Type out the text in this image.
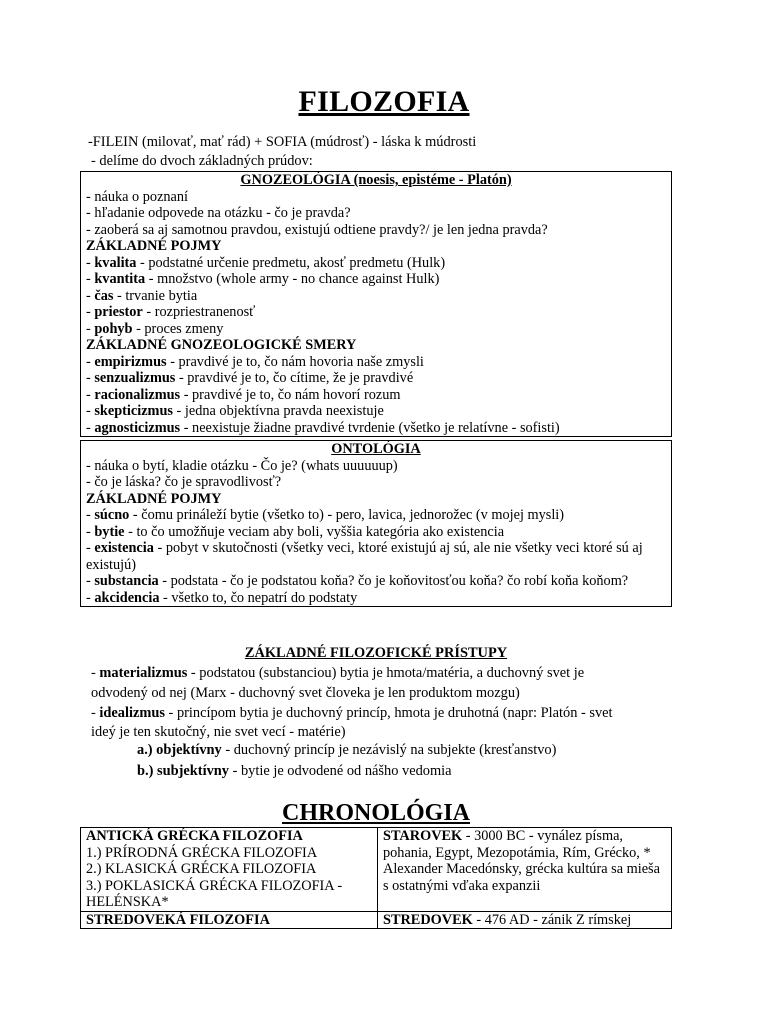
FILOZOFIA
-FILEIN (milovať, mať rád) + SOFIA (múdrosť) - láska k múdrosti
- delíme do dvoch základných prúdov:
GNOZEOLÓGIA (noesis, epistéme - Platón)
- náuka o poznaní
- hľadanie odpovede na otázku - čo je pravda?
- zaoberá sa aj samotnou pravdou, existujú odtiene pravdy?/ je len jedna pravda?
ZÁKLADNÉ POJMY
- kvalita - podstatné určenie predmetu, akosť predmetu (Hulk)
- kvantita - množstvo (whole army - no chance against Hulk)
- čas - trvanie bytia
- priestor - rozpriestranenosť
- pohyb - proces zmeny
ZÁKLADNÉ GNOZEOLOGICKÉ SMERY
- empirizmus - pravdivé je to, čo nám hovoria naše zmysli
- senzualizmus - pravdivé je to, čo cítime, že je pravdivé
- racionalizmus - pravdivé je to, čo nám hovorí rozum
- skepticizmus - jedna objektívna pravda neexistuje
- agnosticizmus - neexistuje žiadne pravdivé tvrdenie (všetko je relatívne - sofisti)
ONTOLÓGIA
- náuka o bytí, kladie otázku - Čo je? (whats uuuuuup)
- čo je láska? čo je spravodlivosť?
ZÁKLADNÉ POJMY
- súcno - čomu prináleží bytie (všetko to) - pero, lavica, jednorožec (v mojej mysli)
- bytie - to čo umožňuje veciam aby boli, vyššia kategória ako existencia
- existencia - pobyt v skutočnosti (všetky veci, ktoré existujú aj sú, ale nie všetky veci ktoré sú aj existujú)
- substancia - podstata - čo je podstatou koňa? čo je koňovitosťou koňa? čo robí koňa koňom?
- akcidencia - všetko to, čo nepatrí do podstaty
ZÁKLADNÉ FILOZOFICKÉ PRÍSTUPY
- materializmus - podstatou (substanciou) bytia je hmota/matéria, a duchovný svet je
odvodený od nej (Marx - duchovný svet človeka je len produktom mozgu)
- idealizmus - princípom bytia je duchovný princíp, hmota je druhotná (napr: Platón - svet
ideý je ten skutočný, nie svet vecí - matérie)
a.) objektívny - duchovný princíp je nezávislý na subjekte (kresťanstvo)
b.) subjektívny - bytie je odvodené od nášho vedomia
CHRONOLÓGIA
ANTICKÁ GRÉCKA FILOZOFIA
1.) PRÍRODNÁ GRÉCKA FILOZOFIA
2.) KLASICKÁ GRÉCKA FILOZOFIA
3.) POKLASICKÁ GRÉCKA FILOZOFIA - HELÉNSKA*	STAROVEK - 3000 BC - vynález písma, pohania, Egypt, Mezopotámia, Rím, Grécko, * Alexander Macedónsky, grécka kultúra sa mieša s ostatnými vďaka expanzii
STREDOVEKÁ FILOZOFIA	STREDOVEK - 476 AD - zánik Z rímskej
